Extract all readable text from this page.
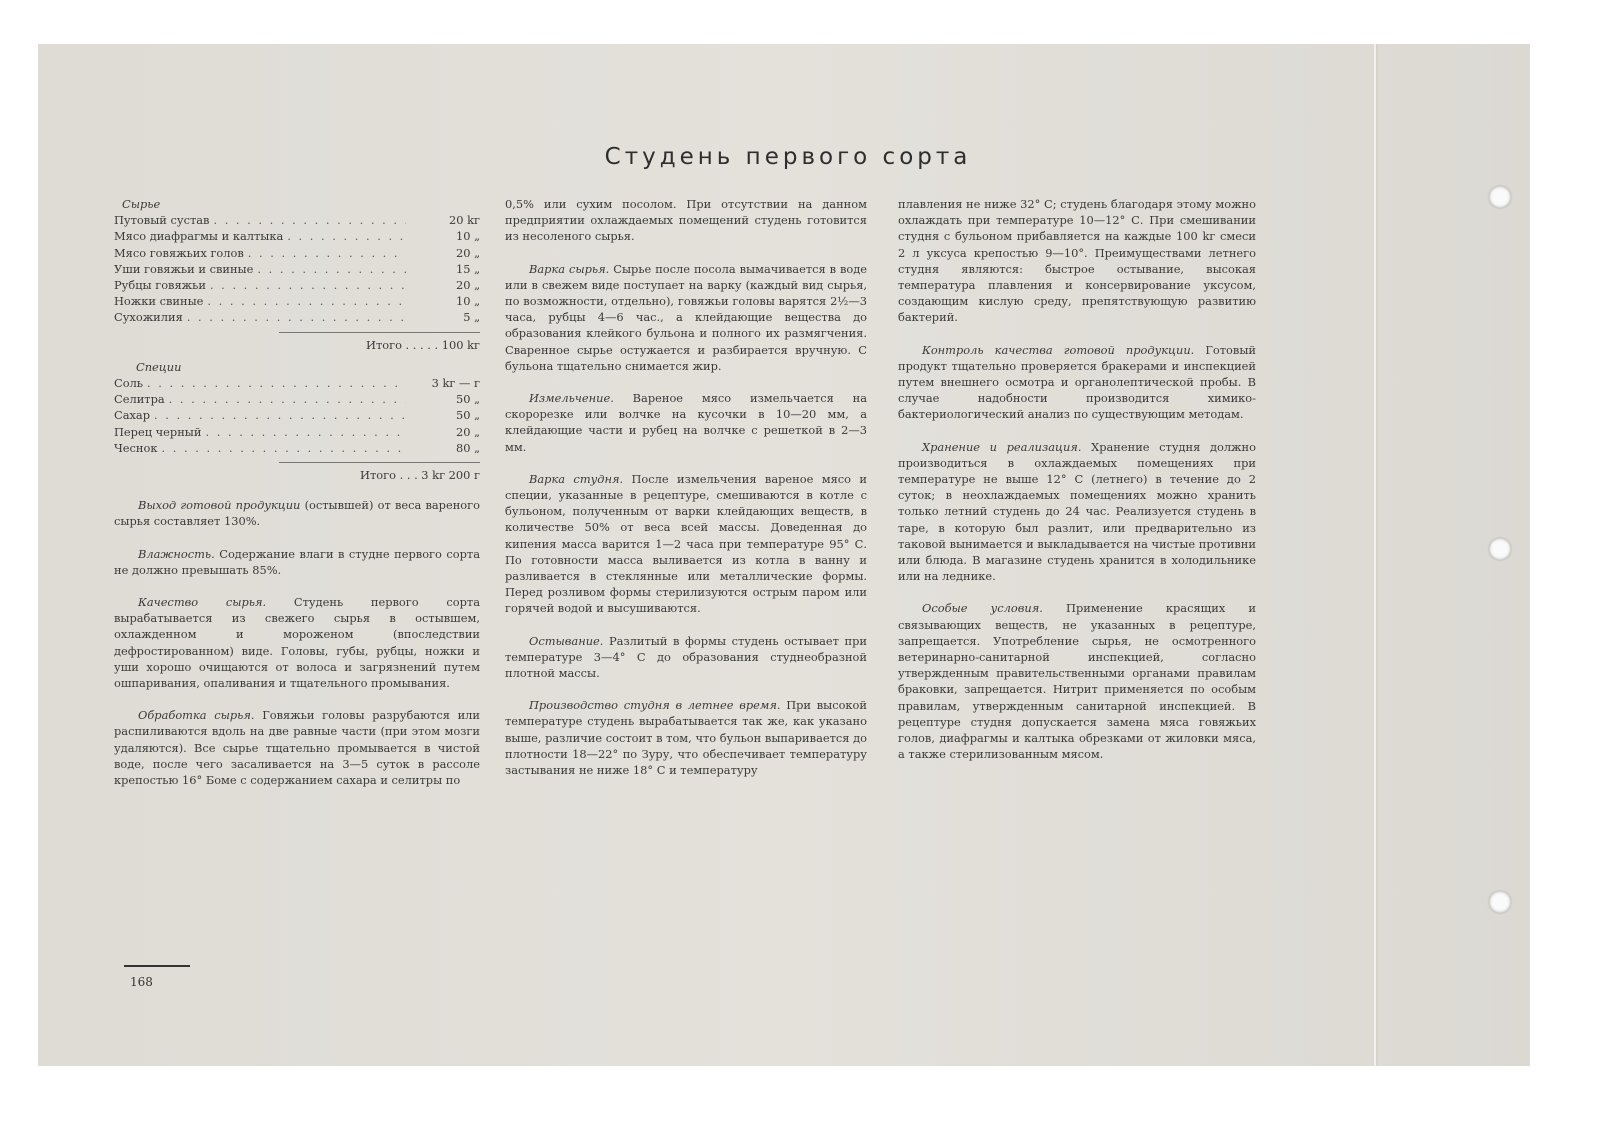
Студень первого сорта
Сырье
Путовый сустав . . .	20 kг
Мясо диафрагмы и калтыка . . .	10 „
Мясо говяжьих голов . . .	20 „
Уши говяжьи и свиные . . .	15 „
Рубцы говяжьи . . .	20 „
Ножки свиные . . .	10 „
Сухожилия . . .	5 „
Итого . . . . . 100 kг
Специи
Соль . . .	3 kг — г
Селитра . . .	50 „
Сахар . . .	50 „
Перец черный . . .	20 „
Чеснок . . .	80 „
Итого . . . 3 kг 200 г

Выход готовой продукции (остывшей) от веса вареного сырья составляет 130%.

Влажность. Содержание влаги в студне первого сорта не должно превышать 85%.

Качество сырья. Студень первого сорта вырабатывается из свежего сырья в остывшем, охлажденном и мороженом (впоследствии дефростированном) виде. Головы, губы, рубцы, ножки и уши хорошо очищаются от волоса и загрязнений путем ошпаривания, опаливания и тщательного промывания.

Обработка сырья. Говяжьи головы разрубаются или распиливаются вдоль на две равные части (при этом мозги удаляются). Все сырье тщательно промывается в чистой воде, после чего засаливается на 3—5 суток в рассоле крепостью 16° Боме с содержанием сахара и селитры по

0,5% или сухим посолом. При отсутствии на данном предприятии охлаждаемых помещений студень готовится из несоленого сырья.

Варка сырья. Сырье после посола вымачивается в воде или в свежем виде поступает на варку (каждый вид сырья, по возможности, отдельно), говяжьи головы варятся 2½—3 часа, рубцы 4—6 час., а клейдающие вещества до образования клейкого бульона и полного их размягчения. Сваренное сырье остужается и разбирается вручную. С бульона тщательно снимается жир.

Измельчение. Вареное мясо измельчается на скорорезке или волчке на кусочки в 10—20 мм, а клейдающие части и рубец на волчке с решеткой в 2—3 мм.

Варка студня. После измельчения вареное мясо и специи, указанные в рецептуре, смешиваются в котле с бульоном, полученным от варки клейдающих веществ, в количестве 50% от веса всей массы. Доведенная до кипения масса варится 1—2 часа при температуре 95° С. По готовности масса выливается из котла в ванну и разливается в стеклянные или металлические формы. Перед розливом формы стерилизуются острым паром или горячей водой и высушиваются.

Остывание. Разлитый в формы студень остывает при температуре 3—4° С до образования студнеобразной плотной массы.

Производство студня в летнее время. При высокой температуре студень вырабатывается так же, как указано выше, различие состоит в том, что бульон выпаривается до плотности 18—22° по Зуру, что обеспечивает температуру застывания не ниже 18° С и температуру

плавления не ниже 32° С; студень благодаря этому можно охлаждать при температуре 10—12° С. При смешивании студня с бульоном прибавляется на каждые 100 kг смеси 2 л уксуса крепостью 9—10°. Преимуществами летнего студня являются: быстрое остывание, высокая температура плавления и консервирование уксусом, создающим кислую среду, препятствующую развитию бактерий.

Контроль качества готовой продукции. Готовый продукт тщательно проверяется бракерами и инспекцией путем внешнего осмотра и органолептической пробы. В случае надобности производится химико-бактериологический анализ по существующим методам.

Хранение и реализация. Хранение студня должно производиться в охлаждаемых помещениях при температуре не выше 12° С (летнего) в течение до 2 суток; в неохлаждаемых помещениях можно хранить только летний студень до 24 час. Реализуется студень в таре, в которую был разлит, или предварительно из таковой вынимается и выкладывается на чистые противни или блюда. В магазине студень хранится в холодильнике или на леднике.

Особые условия. Применение красящих и связывающих веществ, не указанных в рецептуре, запрещается. Употребление сырья, не осмотренного ветеринарно-санитарной инспекцией, согласно утвержденным правительственными органами правилам браковки, запрещается. Нитрит применяется по особым правилам, утвержденным санитарной инспекцией. В рецептуре студня допускается замена мяса говяжьих голов, диафрагмы и калтыка обрезками от жиловки мяса, а также стерилизованным мясом.

168
